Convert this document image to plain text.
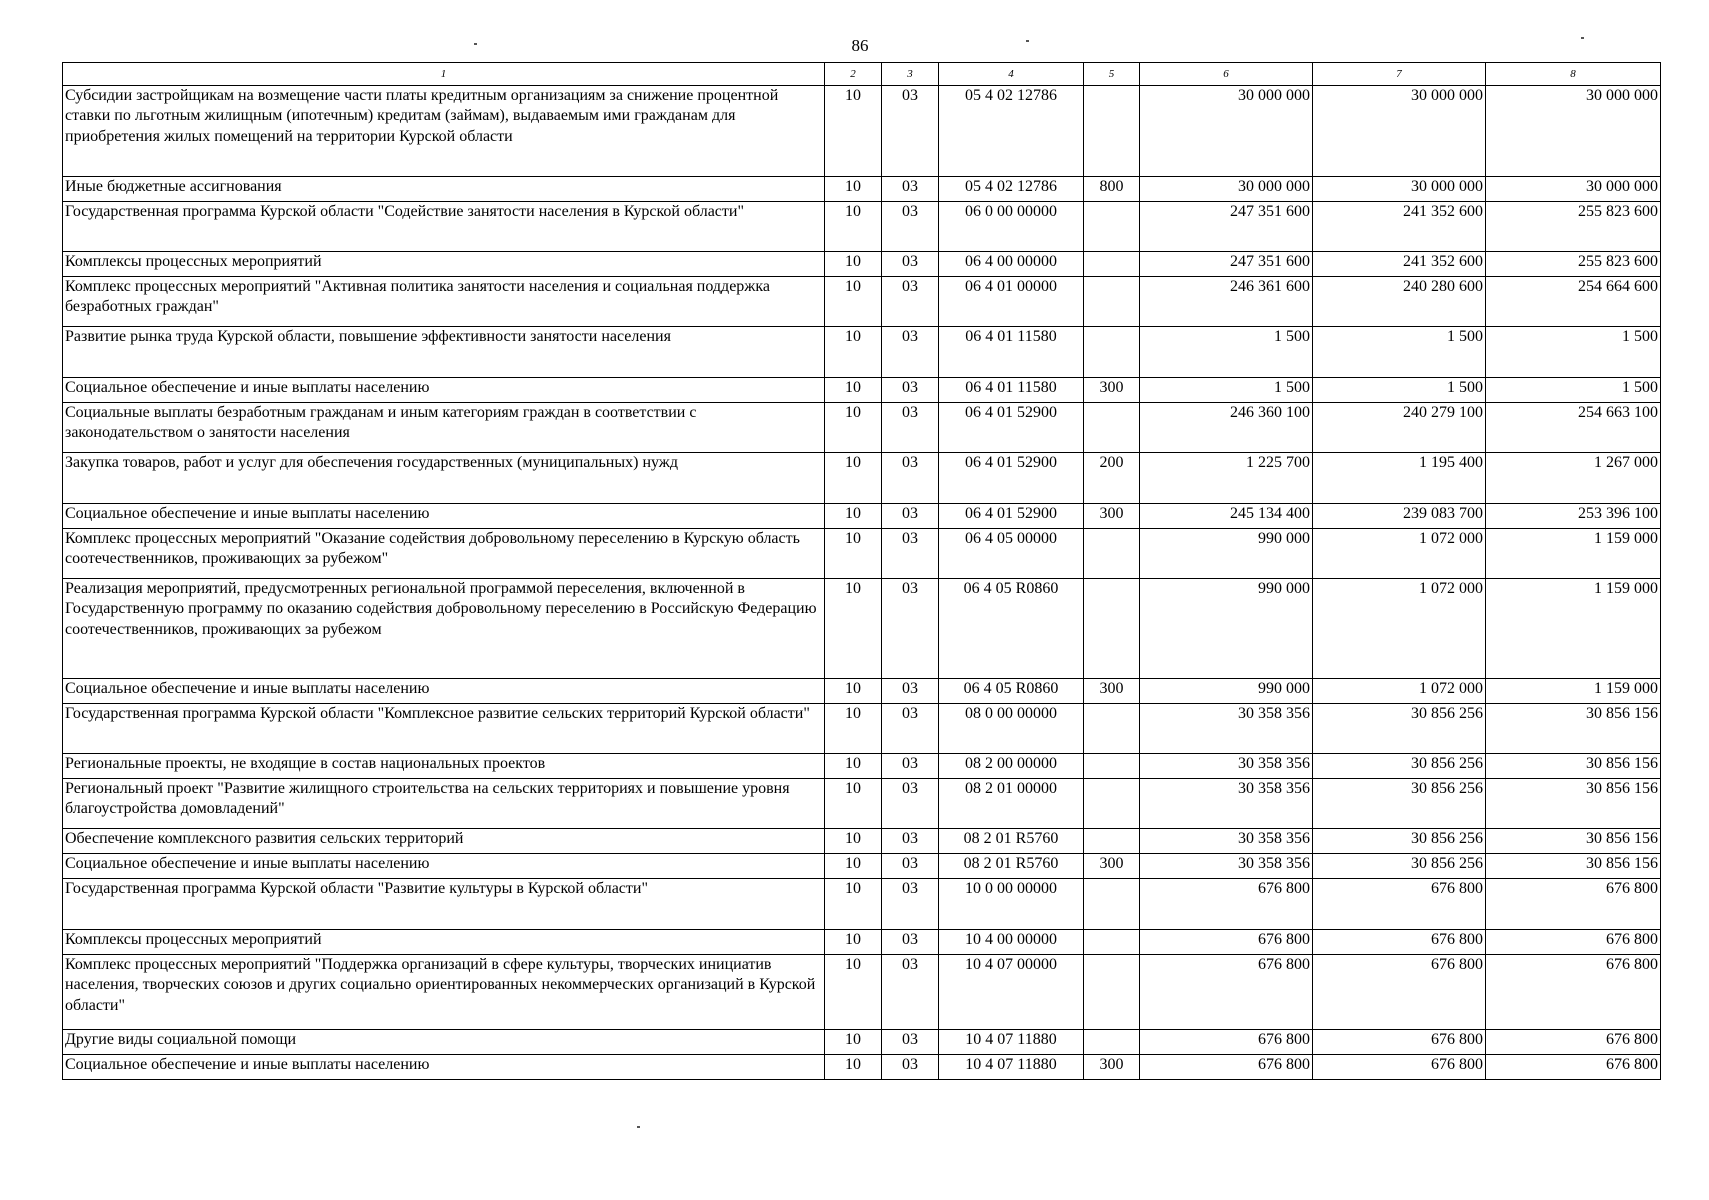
86
1	2	3	4	5	6	7	8
Субсидии застройщикам на возмещение части платы кредитным организациям за снижение процентной ставки по льготным жилищным (ипотечным) кредитам (займам), выдаваемым ими гражданам для приобретения жилых помещений на территории Курской области	10	03	05 4 02 12786		30 000 000	30 000 000	30 000 000
Иные бюджетные ассигнования	10	03	05 4 02 12786	800	30 000 000	30 000 000	30 000 000
Государственная программа Курской области "Содействие занятости населения в Курской области"	10	03	06 0 00 00000		247 351 600	241 352 600	255 823 600
Комплексы процессных мероприятий	10	03	06 4 00 00000		247 351 600	241 352 600	255 823 600
Комплекс процессных мероприятий "Активная политика занятости населения и социальная поддержка безработных граждан"	10	03	06 4 01 00000		246 361 600	240 280 600	254 664 600
Развитие рынка труда Курской области, повышение эффективности занятости населения	10	03	06 4 01 11580		1 500	1 500	1 500
Социальное обеспечение и иные выплаты населению	10	03	06 4 01 11580	300	1 500	1 500	1 500
Социальные выплаты безработным гражданам и иным категориям граждан в соответствии с законодательством о занятости населения	10	03	06 4 01 52900		246 360 100	240 279 100	254 663 100
Закупка товаров, работ и услуг для обеспечения государственных (муниципальных) нужд	10	03	06 4 01 52900	200	1 225 700	1 195 400	1 267 000
Социальное обеспечение и иные выплаты населению	10	03	06 4 01 52900	300	245 134 400	239 083 700	253 396 100
Комплекс процессных мероприятий "Оказание содействия добровольному переселению в Курскую область соотечественников, проживающих за рубежом"	10	03	06 4 05 00000		990 000	1 072 000	1 159 000
Реализация мероприятий, предусмотренных региональной программой переселения, включенной в Государственную программу по оказанию содействия добровольному переселению в Российскую Федерацию соотечественников, проживающих за рубежом	10	03	06 4 05 R0860		990 000	1 072 000	1 159 000
Социальное обеспечение и иные выплаты населению	10	03	06 4 05 R0860	300	990 000	1 072 000	1 159 000
Государственная программа Курской области "Комплексное развитие сельских территорий Курской области"	10	03	08 0 00 00000		30 358 356	30 856 256	30 856 156
Региональные проекты, не входящие в состав национальных проектов	10	03	08 2 00 00000		30 358 356	30 856 256	30 856 156
Региональный проект "Развитие жилищного строительства на сельских территориях и повышение уровня благоустройства домовладений"	10	03	08 2 01 00000		30 358 356	30 856 256	30 856 156
Обеспечение комплексного развития сельских территорий	10	03	08 2 01 R5760		30 358 356	30 856 256	30 856 156
Социальное обеспечение и иные выплаты населению	10	03	08 2 01 R5760	300	30 358 356	30 856 256	30 856 156
Государственная программа Курской области "Развитие культуры в Курской области"	10	03	10 0 00 00000		676 800	676 800	676 800
Комплексы процессных мероприятий	10	03	10 4 00 00000		676 800	676 800	676 800
Комплекс процессных мероприятий "Поддержка организаций в сфере культуры, творческих инициатив населения, творческих союзов и других социально ориентированных некоммерческих организаций в Курской области"	10	03	10 4 07 00000		676 800	676 800	676 800
Другие виды социальной помощи	10	03	10 4 07 11880		676 800	676 800	676 800
Социальное обеспечение и иные выплаты населению	10	03	10 4 07 11880	300	676 800	676 800	676 800
